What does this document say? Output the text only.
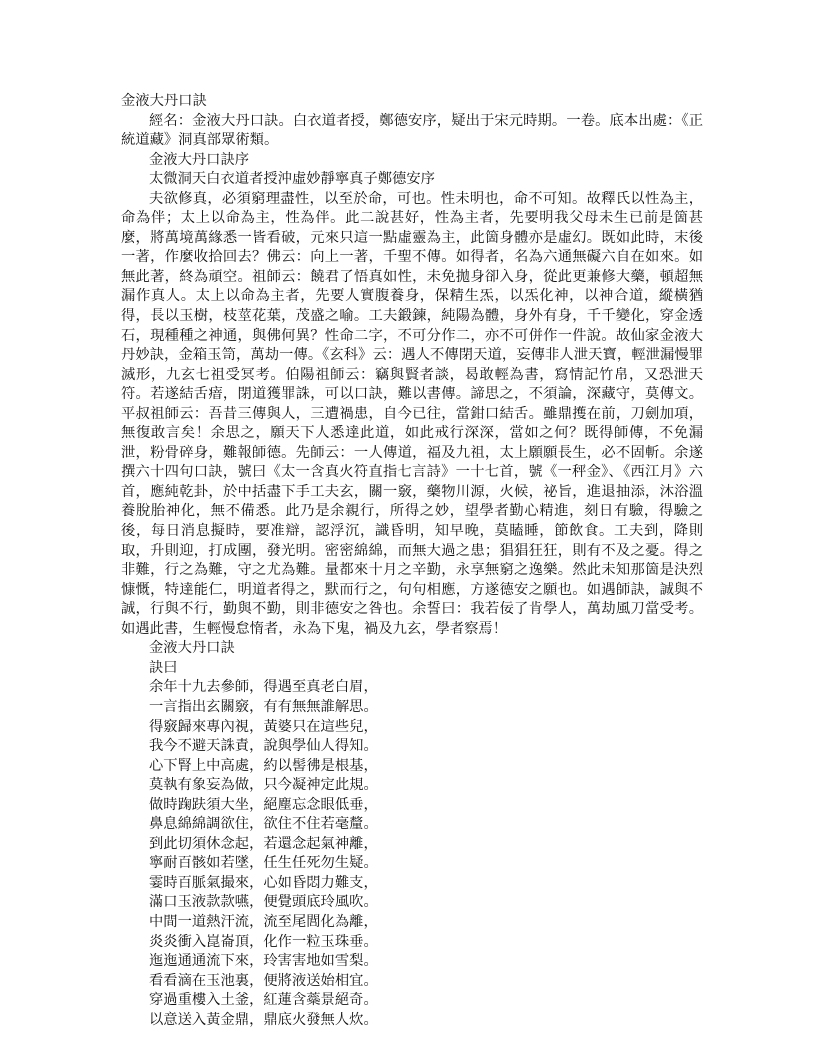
金液大丹口訣
經名：金液大丹口訣。白衣道者授，鄭德安序，疑出于宋元時期。一卷。底本出處：《正統道藏》洞真部眾術類。
金液大丹口訣序
太微洞天白衣道者授沖虛妙靜寧真子鄭德安序
夫欲修真，必須窮理盡性，以至於命，可也。性未明也，命不可知。故釋氏以性為主，命為伴；太上以命為主，性為伴。此二說甚好，性為主者，先要明我父母未生已前是箇甚麼，將萬境萬緣悉一皆看破，元來只這一點虛靈為主，此箇身體亦是虛幻。既如此時，末後一著，作麼收拾回去？佛云：向上一著，千聖不傳。如得者，名為六通無礙六自在如來。如無此著，終為頑空。祖師云：饒君了悟真如性，未免拋身卻入身，從此更兼修大藥，頓超無漏作真人。太上以命為主者，先要人實腹養身，保精生炁，以炁化神，以神合道，縱橫猶得，長以玉樹，枝莖花葉，茂盛之喻。工夫鍛鍊，純陽為體，身外有身，千千變化，穿金透石，現種種之神通，與佛何異？性命二字，不可分作二，亦不可併作一件說。故仙家金液大丹妙訣，金箱玉笥，萬劫一傳。《玄科》云：遇人不傳閉天道，妄傳非人泄天寶，輕泄漏慢罪滅形，九玄七祖受冥考。伯陽祖師云：竊與賢者談，曷敢輕為書，寫情記竹帛，又恐泄天符。若遂結舌瘖，閉道獲罪誅，可以口訣，難以書傳。諦思之，不須論，深藏守，莫傳文。平叔祖師云：吾昔三傳與人，三遭禍患，自今已往，當鉗口結舌。雖鼎擭在前，刀劍加項，無復敢言矣！余思之，願天下人悉達此道，如此戒行深深，當如之何？既得師傳，不免漏泄，粉骨碎身，難報師德。先師云：一人傳道，福及九祖，太上願願長生，必不固斬。余遂撰六十四句口訣，號曰《太一含真火符直指七言詩》一十七首，號《一秤金》、《西江月》六首，應純乾卦，於中括盡下手工夫玄，關一竅，藥物川源，火候，祕旨，進退抽添，沐浴溫養脫胎神化，無不備悉。此乃是余親行，所得之妙，望學者勤心精進，刻日有驗，得驗之後，每日消息擬時，要准辯，認浮沉，識昏明，知早晚，莫瞌睡，節飲食。工夫到，降則取，升則迎，打成團，發光明。密密綿綿，而無大過之患；猖猖狂狂，則有不及之憂。得之非難，行之為難，守之尤為難。量都來十月之辛勤，永享無窮之逸樂。然此未知那箇是決烈慷慨，特達能仁，明道者得之，默而行之，句句相應，方遂德安之願也。如遇師訣，誠與不誠，行與不行，勤與不勤，則非德安之咎也。余誓曰：我若佞了肯學人，萬劫風刀當受考。如遇此書，生輕慢怠惰者，永為下鬼，禍及九玄，學者察焉！
金液大丹口訣
訣曰
余年十九去參師，得遇至真老白眉，
一言指出玄關竅，有有無無誰解思。
得竅歸來專內視，黃婆只在這些兒，
我今不避天誅責，說與學仙人得知。
心下腎上中高處，約以髻彿是根基，
莫執有象妄為做，只今凝神定此規。
做時踘趺須大坐，絕塵忘念眼低垂，
鼻息綿綿調欲住，欲住不住若毫釐。
到此切須休念起，若還念起氣神離，
寧耐百骸如若墜，任生任死勿生疑。
霎時百脈氣撮來，心如昏悶力難支，
滿口玉液款款嚥，便覺頭底玲風吹。
中間一道熱汗流，流至尾閭化為離，
炎炎衝入崑崙頂，化作一粒玉珠垂。
迤迤通通流下來，玲害害地如雪梨。
看看滴在玉池裏，便將液送始相宜。
穿過重樓入土釜，紅蓮含蘂景絕奇。
以意送入黃金鼎，鼎底火發無人炊。
